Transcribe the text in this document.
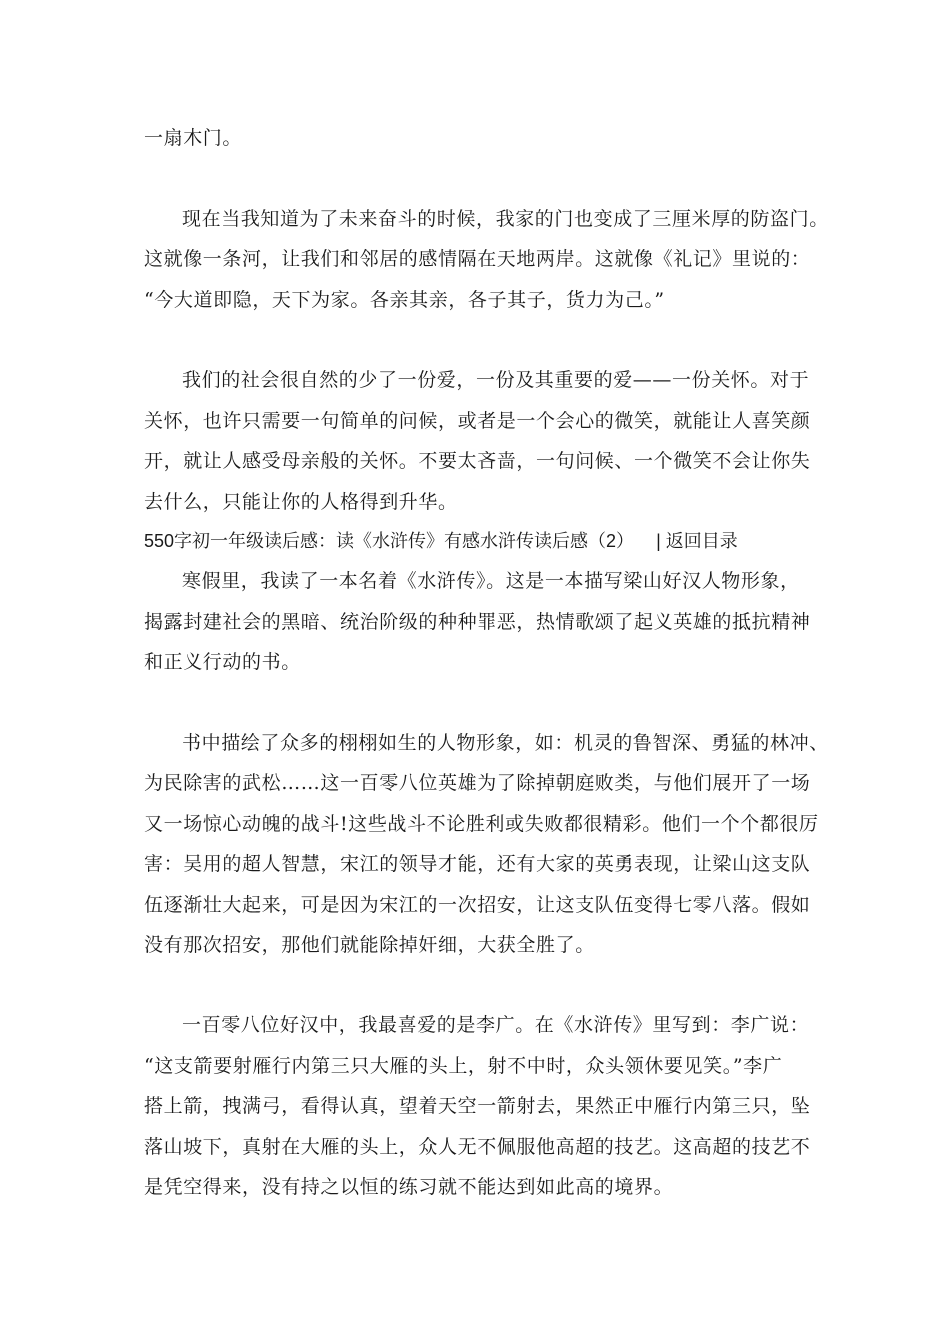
一扇木门。
现在当我知道为了未来奋斗的时候，我家的门也变成了三厘米厚的防盗门。
这就像一条河，让我们和邻居的感情隔在天地两岸。这就像《礼记》里说的：
“今大道即隐，天下为家。各亲其亲，各子其子，货力为己。”
我们的社会很自然的少了一份爱，一份及其重要的爱——一份关怀。对于
关怀，也许只需要一句简单的问候，或者是一个会心的微笑，就能让人喜笑颜
开，就让人感受母亲般的关怀。不要太吝啬，一句问候、一个微笑不会让你失
去什么，只能让你的人格得到升华。
550字初一年级读后感：读《水浒传》有感水浒传读后感（2） | 返回目录
寒假里，我读了一本名着《水浒传》。这是一本描写梁山好汉人物形象，
揭露封建社会的黑暗、统治阶级的种种罪恶，热情歌颂了起义英雄的抵抗精神
和正义行动的书。
书中描绘了众多的栩栩如生的人物形象，如：机灵的鲁智深、勇猛的林冲、
为民除害的武松……这一百零八位英雄为了除掉朝庭败类，与他们展开了一场
又一场惊心动魄的战斗!这些战斗不论胜利或失败都很精彩。他们一个个都很厉
害：吴用的超人智慧，宋江的领导才能，还有大家的英勇表现，让梁山这支队
伍逐渐壮大起来，可是因为宋江的一次招安，让这支队伍变得七零八落。假如
没有那次招安，那他们就能除掉奸细，大获全胜了。
一百零八位好汉中，我最喜爱的是李广。在《水浒传》里写到：李广说：
“这支箭要射雁行内第三只大雁的头上，射不中时，众头领休要见笑。”李广
搭上箭，拽满弓，看得认真，望着天空一箭射去，果然正中雁行内第三只，坠
落山坡下，真射在大雁的头上，众人无不佩服他高超的技艺。这高超的技艺不
是凭空得来，没有持之以恒的练习就不能达到如此高的境界。
